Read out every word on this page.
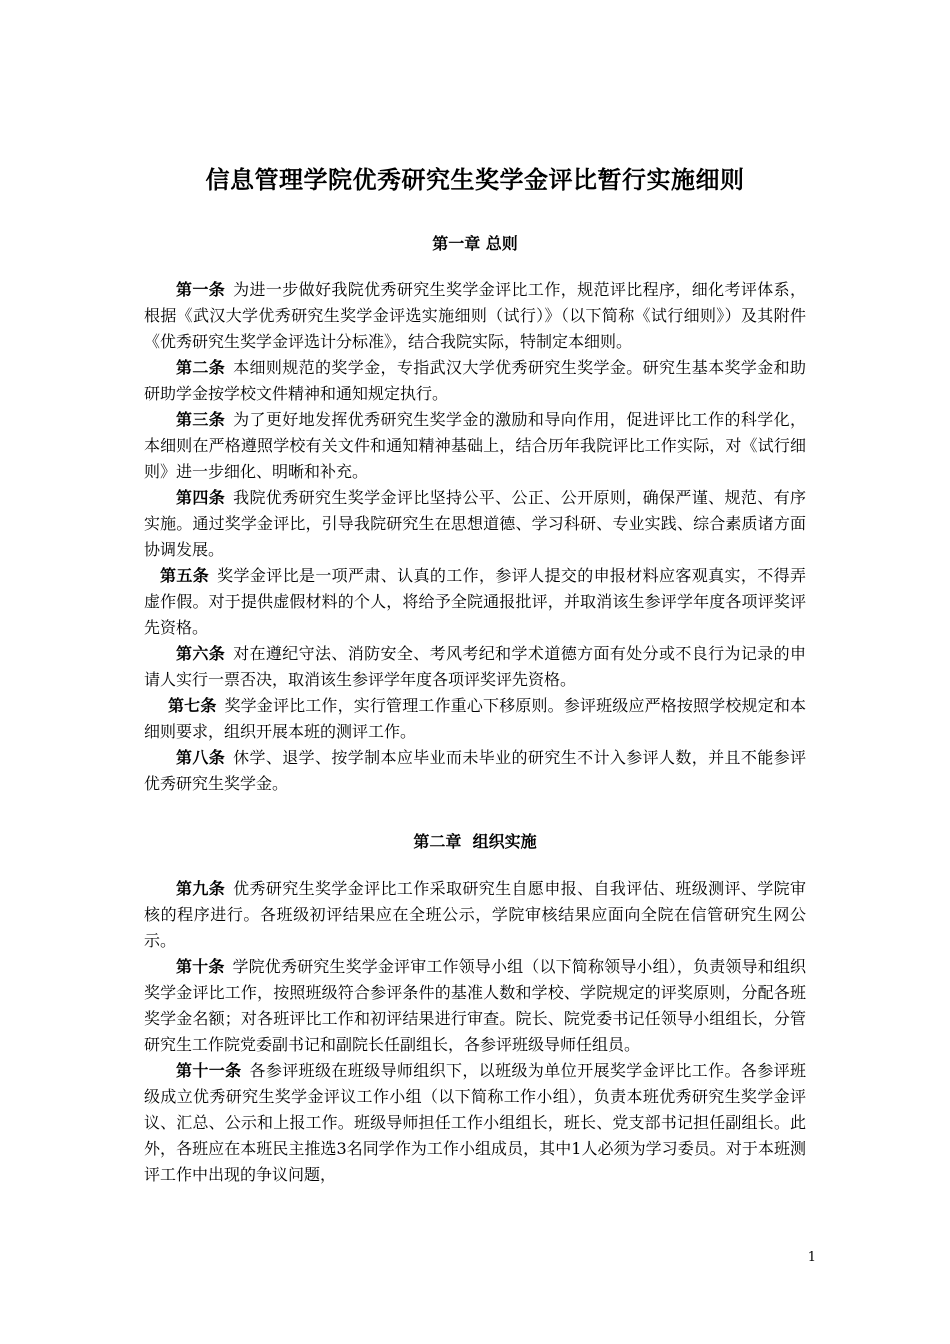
信息管理学院优秀研究生奖学金评比暂行实施细则
第一章 总则

第一条 为进一步做好我院优秀研究生奖学金评比工作，规范评比程序，细化考评体系，根据《武汉大学优秀研究生奖学金评选实施细则（试行）》（以下简称《试行细则》）及其附件《优秀研究生奖学金评选计分标准》，结合我院实际，特制定本细则。

第二条 本细则规范的奖学金，专指武汉大学优秀研究生奖学金。研究生基本奖学金和助研助学金按学校文件精神和通知规定执行。

第三条 为了更好地发挥优秀研究生奖学金的激励和导向作用，促进评比工作的科学化，本细则在严格遵照学校有关文件和通知精神基础上，结合历年我院评比工作实际，对《试行细则》进一步细化、明晰和补充。

第四条 我院优秀研究生奖学金评比坚持公平、公正、公开原则，确保严谨、规范、有序实施。通过奖学金评比，引导我院研究生在思想道德、学习科研、专业实践、综合素质诸方面协调发展。

第五条 奖学金评比是一项严肃、认真的工作，参评人提交的申报材料应客观真实，不得弄虚作假。对于提供虚假材料的个人，将给予全院通报批评，并取消该生参评学年度各项评奖评先资格。

第六条 对在遵纪守法、消防安全、考风考纪和学术道德方面有处分或不良行为记录的申请人实行一票否决，取消该生参评学年度各项评奖评先资格。

第七条 奖学金评比工作，实行管理工作重心下移原则。参评班级应严格按照学校规定和本细则要求，组织开展本班的测评工作。

第八条 休学、退学、按学制本应毕业而未毕业的研究生不计入参评人数，并且不能参评优秀研究生奖学金。

第二章  组织实施

第九条 优秀研究生奖学金评比工作采取研究生自愿申报、自我评估、班级测评、学院审核的程序进行。各班级初评结果应在全班公示，学院审核结果应面向全院在信管研究生网公示。

第十条 学院优秀研究生奖学金评审工作领导小组（以下简称领导小组），负责领导和组织奖学金评比工作，按照班级符合参评条件的基准人数和学校、学院规定的评奖原则，分配各班奖学金名额；对各班评比工作和初评结果进行审查。院长、院党委书记任领导小组组长，分管研究生工作院党委副书记和副院长任副组长，各参评班级导师任组员。

第十一条 各参评班级在班级导师组织下，以班级为单位开展奖学金评比工作。各参评班级成立优秀研究生奖学金评议工作小组（以下简称工作小组），负责本班优秀研究生奖学金评议、汇总、公示和上报工作。班级导师担任工作小组组长，班长、党支部书记担任副组长。此外，各班应在本班民主推选3名同学作为工作小组成员，其中1人必须为学习委员。对于本班测评工作中出现的争议问题，

1
